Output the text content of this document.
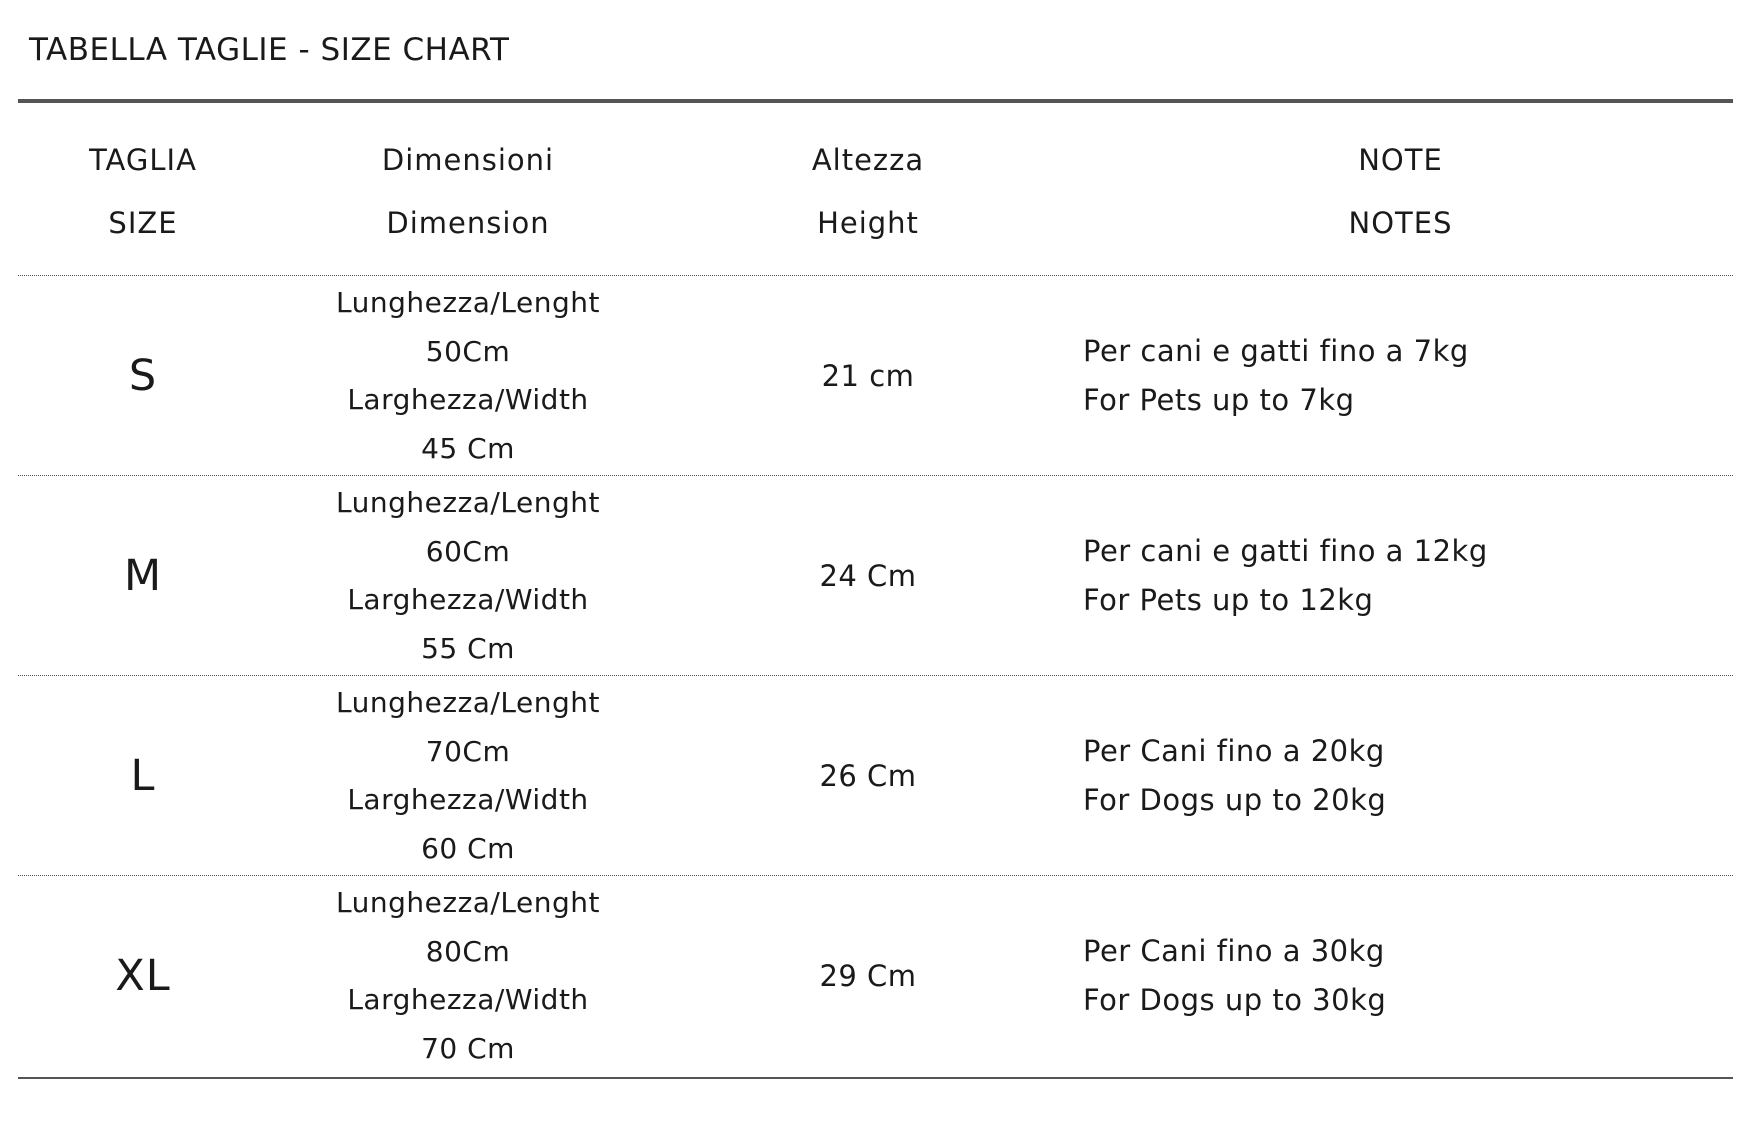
TABELLA TAGLIE - SIZE CHART
TAGLIA
SIZE
Dimensioni
Dimension
Altezza
Height
NOTE
NOTES
S
Lunghezza/Lenght
50Cm
Larghezza/Width
45 Cm
21 cm
Per cani e gatti fino a 7kg
For Pets up to 7kg
M
Lunghezza/Lenght
60Cm
Larghezza/Width
55 Cm
24 Cm
Per cani e gatti fino a 12kg
For Pets up to 12kg
L
Lunghezza/Lenght
70Cm
Larghezza/Width
60 Cm
26 Cm
Per Cani fino a 20kg
For Dogs up to 20kg
XL
Lunghezza/Lenght
80Cm
Larghezza/Width
70 Cm
29 Cm
Per Cani fino a 30kg
For Dogs up to 30kg
